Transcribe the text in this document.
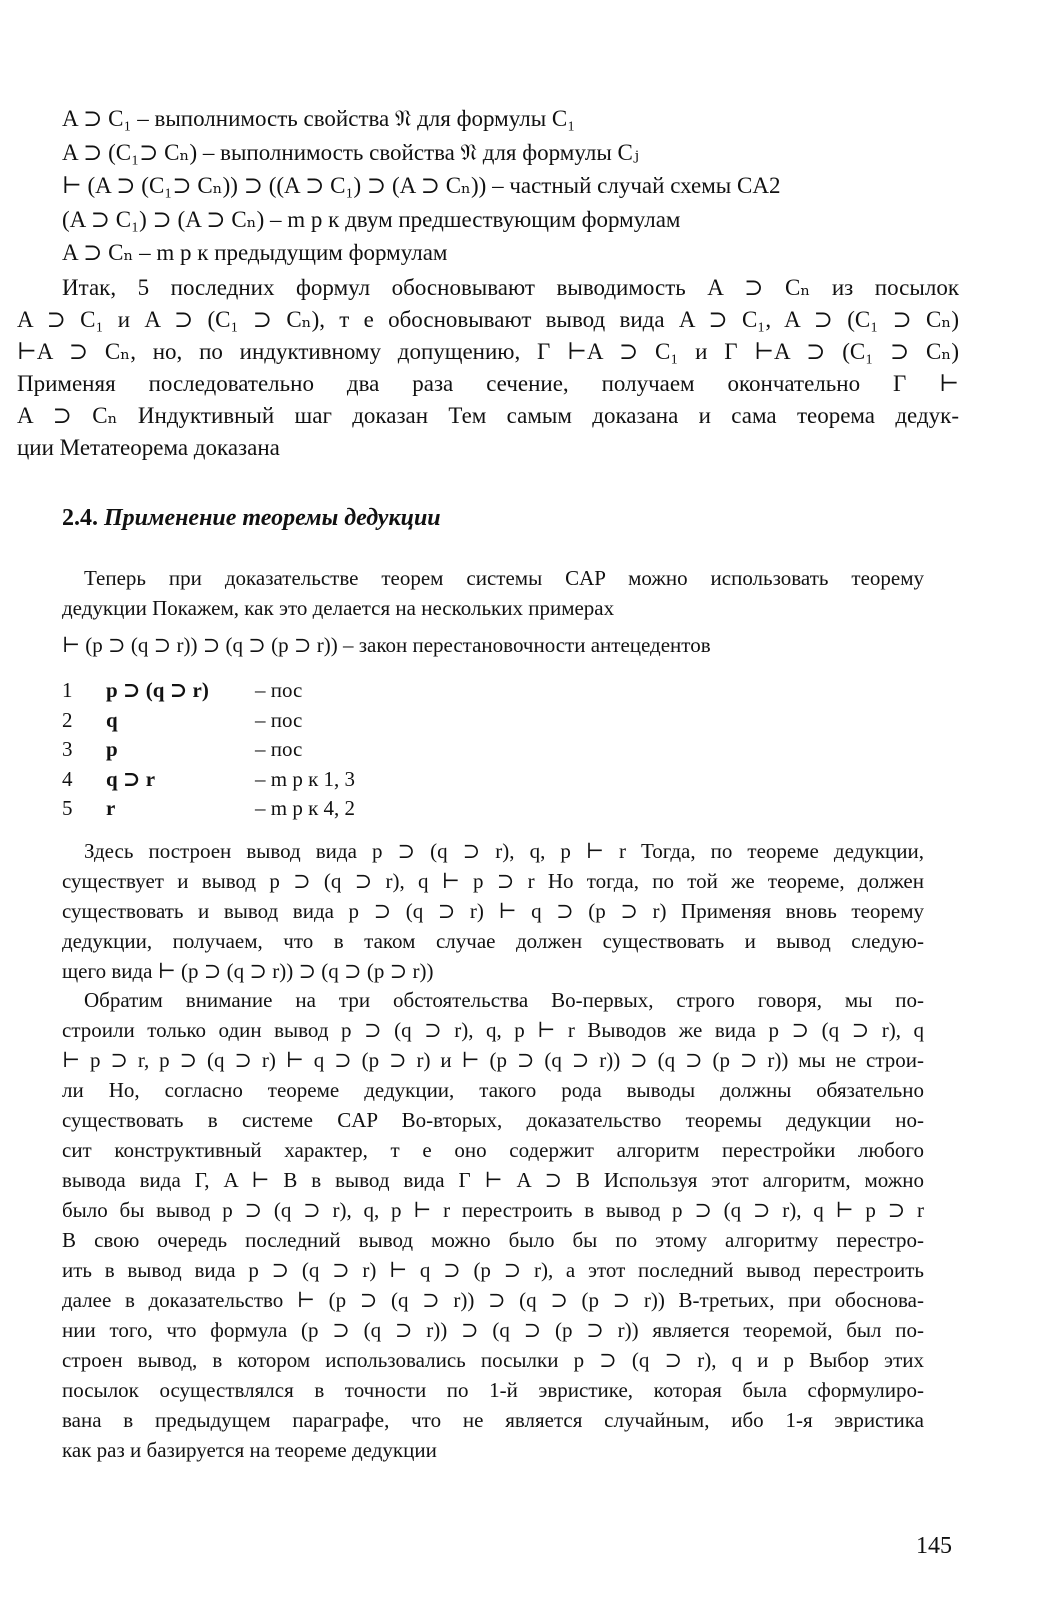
A ⊃ C₁ – выполнимость свойства 𝔑 для формулы C₁
A ⊃ (C₁⊃ Cₙ) – выполнимость свойства 𝔑 для формулы Cⱼ
⊢ (A ⊃ (C₁⊃ Cₙ)) ⊃ ((A ⊃ C₁) ⊃ (A ⊃ Cₙ)) – частный случай схемы CA2
(A ⊃ C₁) ⊃ (A ⊃ Cₙ) – m p к двум предшествующим формулам
A ⊃ Cₙ – m p к предыдущим формулам
Итак, 5 последних формул обосновывают выводимость A ⊃ Cₙ из посылок
A ⊃ C₁ и A ⊃ (C₁ ⊃ Cₙ), т е обосновывают вывод вида A ⊃ C₁, A ⊃ (C₁ ⊃ Cₙ)
⊢A ⊃ Cₙ, но, по индуктивному допущению, Γ ⊢A ⊃ C₁ и Γ ⊢A ⊃ (C₁ ⊃ Cₙ)
Применяя последовательно два раза сечение, получаем окончательно Γ ⊢
A ⊃ Cₙ Индуктивный шаг доказан Тем самым доказана и сама теорема дедук-
ции Метатеорема доказана
2.4. Применение теоремы дедукции
Теперь при доказательстве теорем системы CAP можно использовать теорему
дедукции Покажем, как это делается на нескольких примерах
⊢ (p ⊃ (q ⊃ r)) ⊃ (q ⊃ (p ⊃ r)) – закон перестановочности антецедентов
1 p ⊃ (q ⊃ r) – пос
2 q	– пос
3 p	– пос
4 q ⊃ r	– m p к 1, 3
5 r	– m p к 4, 2
Здесь построен вывод вида p ⊃ (q ⊃ r), q, p ⊢ r Тогда, по теореме дедукции,
существует и вывод p ⊃ (q ⊃ r), q ⊢ p ⊃ r Но тогда, по той же теореме, должен
существовать и вывод вида p ⊃ (q ⊃ r) ⊢ q ⊃ (p ⊃ r) Применяя вновь теорему
дедукции, получаем, что в таком случае должен существовать и вывод следую-
щего вида ⊢ (p ⊃ (q ⊃ r)) ⊃ (q ⊃ (p ⊃ r))
Обратим внимание на три обстоятельства Во-первых, строго говоря, мы по-
строили только один вывод p ⊃ (q ⊃ r), q, p ⊢ r Выводов же вида p ⊃ (q ⊃ r), q
⊢ p ⊃ r, p ⊃ (q ⊃ r) ⊢ q ⊃ (p ⊃ r) и ⊢ (p ⊃ (q ⊃ r)) ⊃ (q ⊃ (p ⊃ r)) мы не строи-
ли Но, согласно теореме дедукции, такого рода выводы должны обязательно
существовать в системе CAP Во-вторых, доказательство теоремы дедукции но-
сит конструктивный характер, т е оно содержит алгоритм перестройки любого
вывода вида Γ, A ⊢ B в вывод вида Γ ⊢ A ⊃ B Используя этот алгоритм, можно
было бы вывод p ⊃ (q ⊃ r), q, p ⊢ r перестроить в вывод p ⊃ (q ⊃ r), q ⊢ p ⊃ r
В свою очередь последний вывод можно было бы по этому алгоритму перестро-
ить в вывод вида p ⊃ (q ⊃ r) ⊢ q ⊃ (p ⊃ r), а этот последний вывод перестроить
далее в доказательство ⊢ (p ⊃ (q ⊃ r)) ⊃ (q ⊃ (p ⊃ r)) В-третьих, при обоснова-
нии того, что формула (p ⊃ (q ⊃ r)) ⊃ (q ⊃ (p ⊃ r)) является теоремой, был по-
строен вывод, в котором использовались посылки p ⊃ (q ⊃ r), q и p Выбор этих
посылок осуществлялся в точности по 1-й эвристике, которая была сформулиро-
вана в предыдущем параграфе, что не является случайным, ибо 1-я эвристика
как раз и базируется на теореме дедукции
145
